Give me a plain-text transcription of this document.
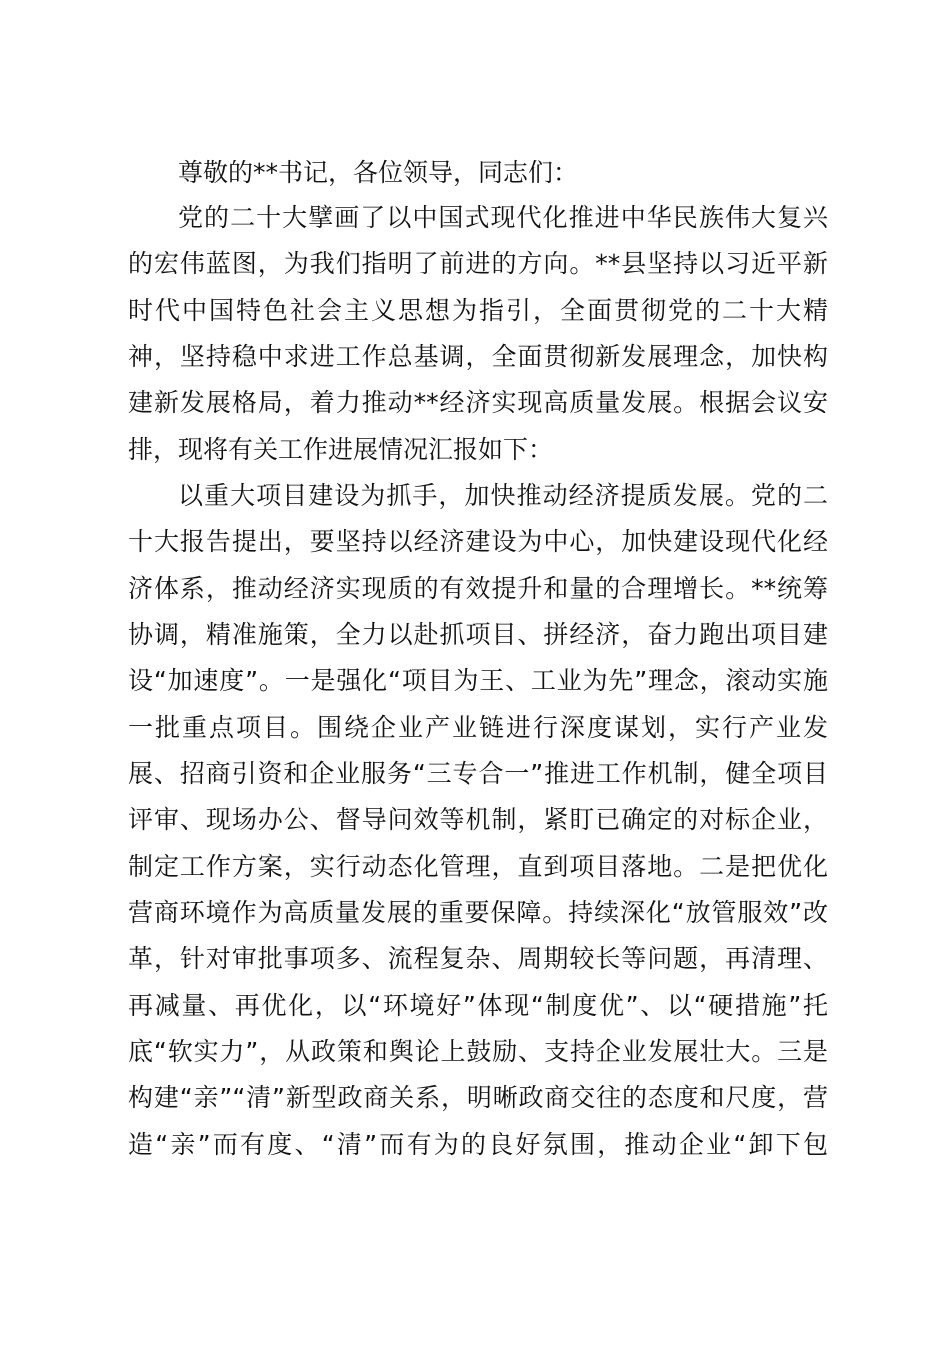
尊敬的**书记，各位领导，同志们：
党的二十大擘画了以中国式现代化推进中华民族伟大复兴
的宏伟蓝图，为我们指明了前进的方向。**县坚持以习近平新
时代中国特色社会主义思想为指引，全面贯彻党的二十大精
神，坚持稳中求进工作总基调，全面贯彻新发展理念，加快构
建新发展格局，着力推动**经济实现高质量发展。根据会议安
排，现将有关工作进展情况汇报如下：
以重大项目建设为抓手，加快推动经济提质发展。党的二
十大报告提出，要坚持以经济建设为中心，加快建设现代化经
济体系，推动经济实现质的有效提升和量的合理增长。**统筹
协调，精准施策，全力以赴抓项目、拼经济，奋力跑出项目建
设“加速度”。一是强化“项目为王、工业为先”理念，滚动实施
一批重点项目。围绕企业产业链进行深度谋划，实行产业发
展、招商引资和企业服务“三专合一”推进工作机制，健全项目
评审、现场办公、督导问效等机制，紧盯已确定的对标企业，
制定工作方案，实行动态化管理，直到项目落地。二是把优化
营商环境作为高质量发展的重要保障。持续深化“放管服效”改
革，针对审批事项多、流程复杂、周期较长等问题，再清理、
再减量、再优化，以“环境好”体现“制度优”、以“硬措施”托
底“软实力”，从政策和舆论上鼓励、支持企业发展壮大。三是
构建“亲”“清”新型政商关系，明晰政商交往的态度和尺度，营
造“亲”而有度、“清”而有为的良好氛围，推动企业“卸下包
